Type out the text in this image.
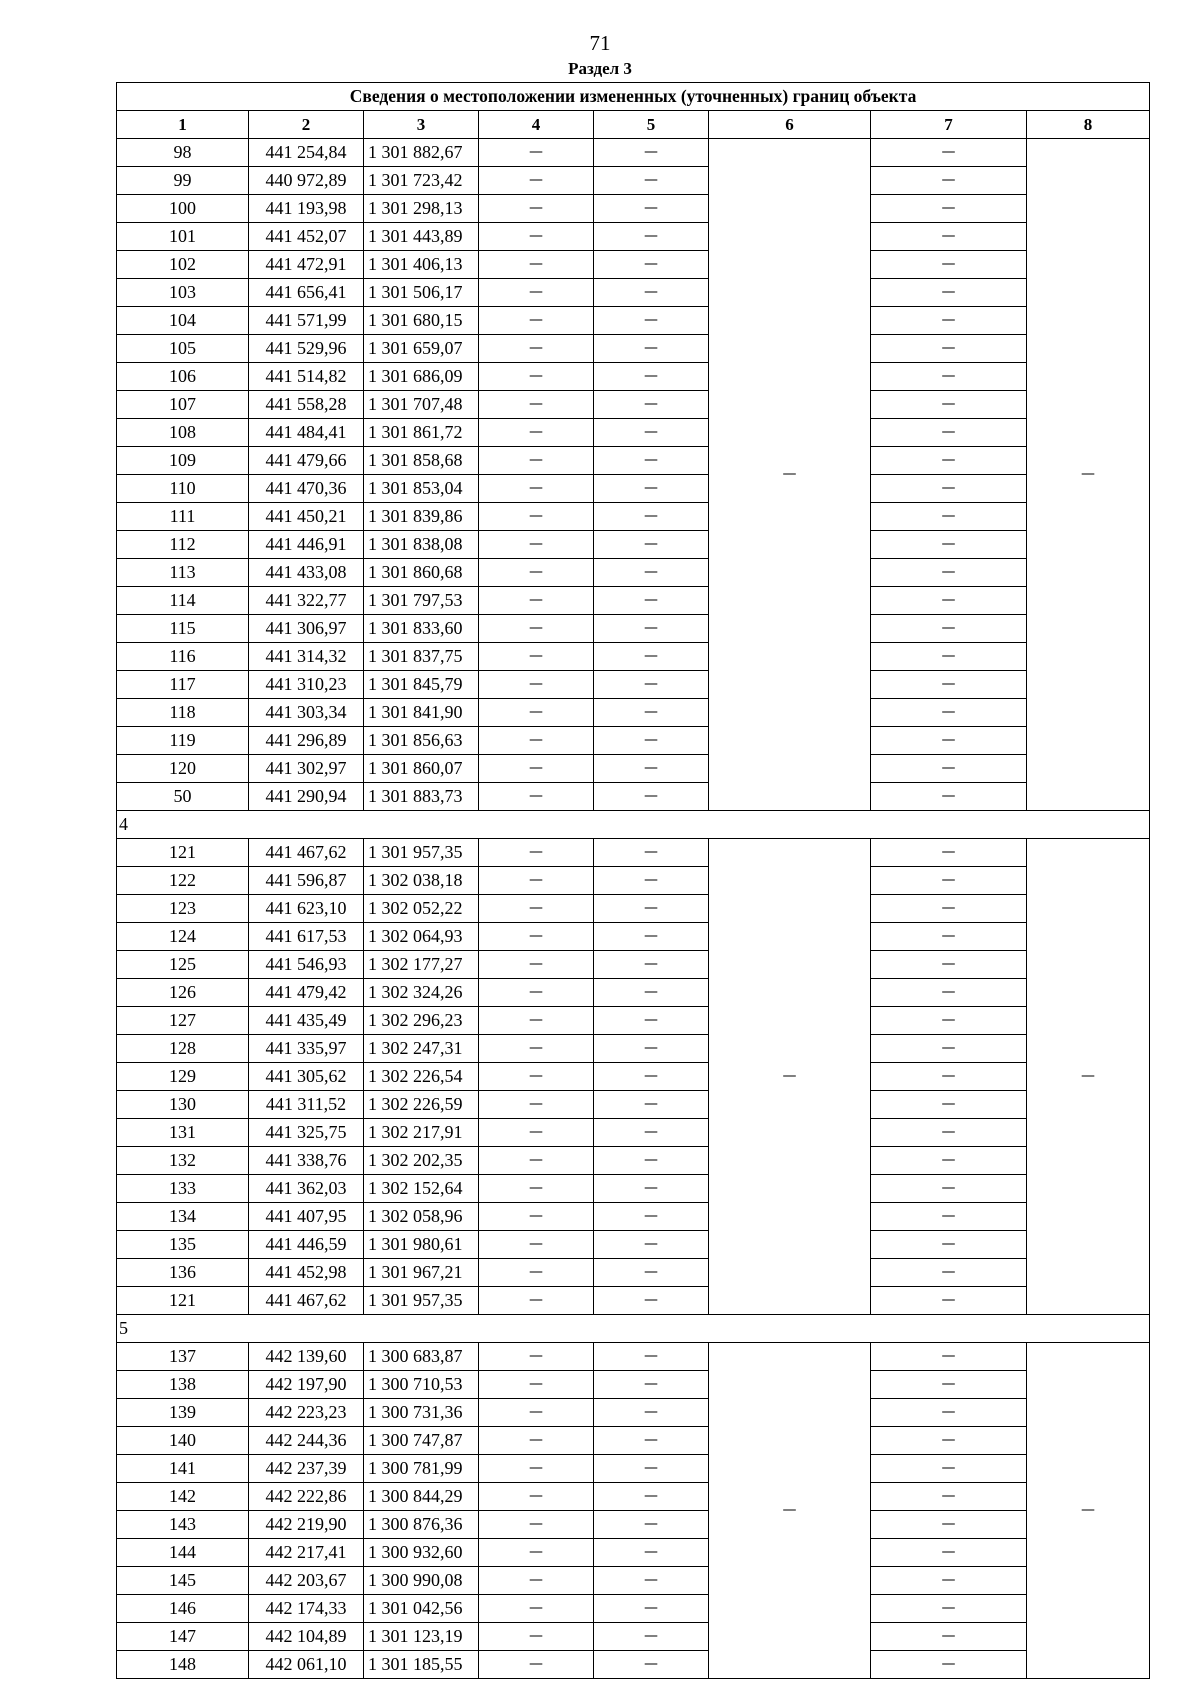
71
Раздел 3
Сведения о местоположении измененных (уточненных) границ объекта							
1	2	3	4	5	6	7	8
98	441 254,84	1 301 882,67	—	—	—	—	—
99	440 972,89	1 301 723,42	—	—		—	
100	441 193,98	1 301 298,13	—	—		—	
101	441 452,07	1 301 443,89	—	—		—	
102	441 472,91	1 301 406,13	—	—		—	
103	441 656,41	1 301 506,17	—	—		—	
104	441 571,99	1 301 680,15	—	—		—	
105	441 529,96	1 301 659,07	—	—		—	
106	441 514,82	1 301 686,09	—	—		—	
107	441 558,28	1 301 707,48	—	—		—	
108	441 484,41	1 301 861,72	—	—		—	
109	441 479,66	1 301 858,68	—	—		—	
110	441 470,36	1 301 853,04	—	—		—	
111	441 450,21	1 301 839,86	—	—		—	
112	441 446,91	1 301 838,08	—	—		—	
113	441 433,08	1 301 860,68	—	—		—	
114	441 322,77	1 301 797,53	—	—		—	
115	441 306,97	1 301 833,60	—	—		—	
116	441 314,32	1 301 837,75	—	—		—	
117	441 310,23	1 301 845,79	—	—		—	
118	441 303,34	1 301 841,90	—	—		—	
119	441 296,89	1 301 856,63	—	—		—	
120	441 302,97	1 301 860,07	—	—		—	
50	441 290,94	1 301 883,73	—	—		—	
4							
121	441 467,62	1 301 957,35	—	—	—	—	—
122	441 596,87	1 302 038,18	—	—		—	
123	441 623,10	1 302 052,22	—	—		—	
124	441 617,53	1 302 064,93	—	—		—	
125	441 546,93	1 302 177,27	—	—		—	
126	441 479,42	1 302 324,26	—	—		—	
127	441 435,49	1 302 296,23	—	—		—	
128	441 335,97	1 302 247,31	—	—		—	
129	441 305,62	1 302 226,54	—	—		—	
130	441 311,52	1 302 226,59	—	—		—	
131	441 325,75	1 302 217,91	—	—		—	
132	441 338,76	1 302 202,35	—	—		—	
133	441 362,03	1 302 152,64	—	—		—	
134	441 407,95	1 302 058,96	—	—		—	
135	441 446,59	1 301 980,61	—	—		—	
136	441 452,98	1 301 967,21	—	—		—	
121	441 467,62	1 301 957,35	—	—		—	
5							
137	442 139,60	1 300 683,87	—	—	—	—	—
138	442 197,90	1 300 710,53	—	—		—	
139	442 223,23	1 300 731,36	—	—		—	
140	442 244,36	1 300 747,87	—	—		—	
141	442 237,39	1 300 781,99	—	—		—	
142	442 222,86	1 300 844,29	—	—		—	
143	442 219,90	1 300 876,36	—	—		—	
144	442 217,41	1 300 932,60	—	—		—	
145	442 203,67	1 300 990,08	—	—		—	
146	442 174,33	1 301 042,56	—	—		—	
147	442 104,89	1 301 123,19	—	—		—	
148	442 061,10	1 301 185,55	—	—		—	
